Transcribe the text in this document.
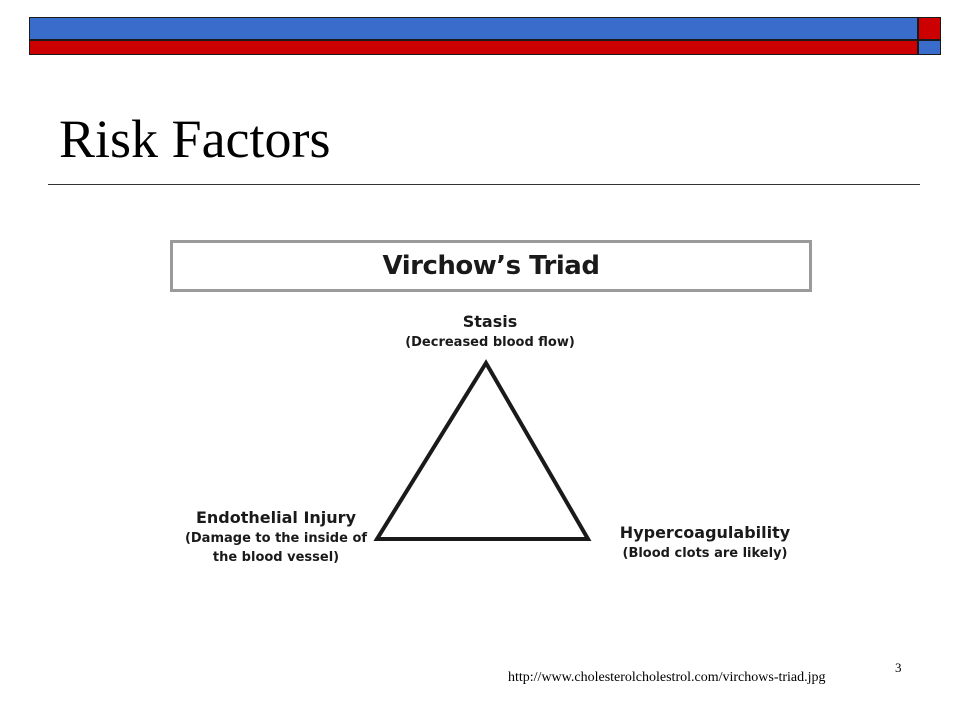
Risk Factors
Virchow’s Triad
Stasis
(Decreased blood flow)
Endothelial Injury
(Damage to the inside of
the blood vessel)
Hypercoagulability
(Blood clots are likely)
http://www.cholesterolcholestrol.com/virchows-triad.jpg
3
